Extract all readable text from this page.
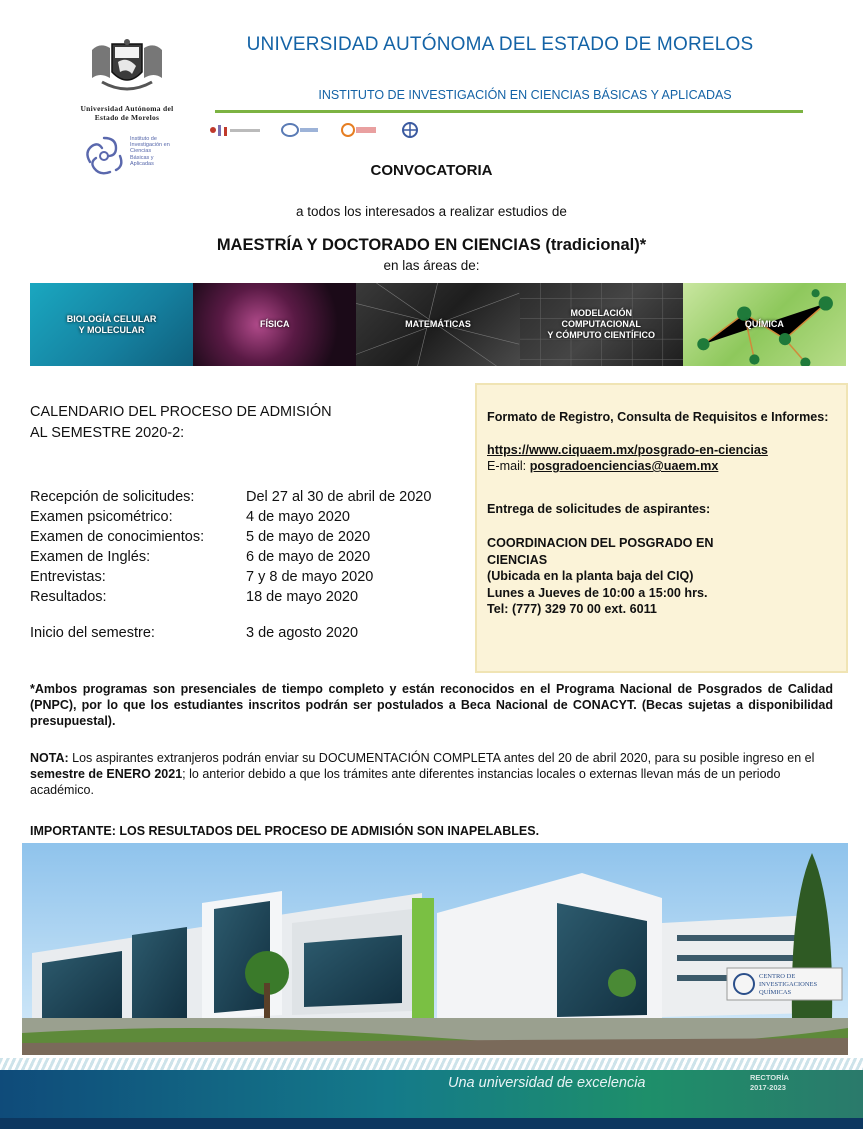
Universidad Autónoma del
Estado de Morelos
Instituto de
Investigación en
Ciencias
Básicas y
Aplicadas
UNIVERSIDAD AUTÓNOMA DEL ESTADO DE MORELOS
INSTITUTO DE INVESTIGACIÓN EN CIENCIAS BÁSICAS Y APLICADAS
CONVOCATORIA
a todos los interesados a realizar estudios de
MAESTRÍA Y DOCTORADO EN CIENCIAS (tradicional)*
en las áreas de:
BIOLOGÍA CELULAR
Y MOLECULAR
FÍSICA	MATEMÁTICAS
MODELACIÓN
COMPUTACIONAL
Y CÓMPUTO CIENTÍFICO
QUÍMICA
CALENDARIO DEL PROCESO DE ADMISIÓN
AL SEMESTRE 2020-2:
Recepción de solicitudes:	Del 27 al 30 de abril de 2020
Examen psicométrico:	4 de mayo 2020
Examen de conocimientos:	5 de mayo de 2020
Examen de Inglés:	6 de mayo de 2020
Entrevistas:	7 y 8 de mayo 2020
Resultados:	18 de mayo 2020
Inicio del semestre:	3 de agosto 2020

Formato de Registro, Consulta de Requisitos e Informes:

https://www.ciquaem.mx/posgrado-en-ciencias

E-mail: posgradoenciencias@uaem.mx

Entrega de solicitudes de aspirantes:

COORDINACION DEL POSGRADO EN

CIENCIAS

(Ubicada en la planta baja del CIQ)

Lunes a Jueves de 10:00 a 15:00 hrs.

Tel: (777) 329 70 00 ext. 6011

*Ambos programas son presenciales de tiempo completo y están reconocidos en el Programa Nacional de Posgrados de Calidad (PNPC), por lo que los estudiantes inscritos podrán ser postulados a Beca Nacional de CONACYT. (Becas sujetas a disponibilidad presupuestal).
NOTA: Los aspirantes extranjeros podrán enviar su DOCUMENTACIÓN COMPLETA antes del 20 de abril 2020, para su posible ingreso en el semestre de ENERO 2021; lo anterior debido a que los trámites ante diferentes instancias locales o externas llevan más de un periodo académico.
IMPORTANTE: LOS RESULTADOS DEL PROCESO DE ADMISIÓN SON INAPELABLES.
CENTRO DE
INVESTIGACIONES
QUÍMICAS
Una universidad de excelencia	RECTORÍA
2017-2023
